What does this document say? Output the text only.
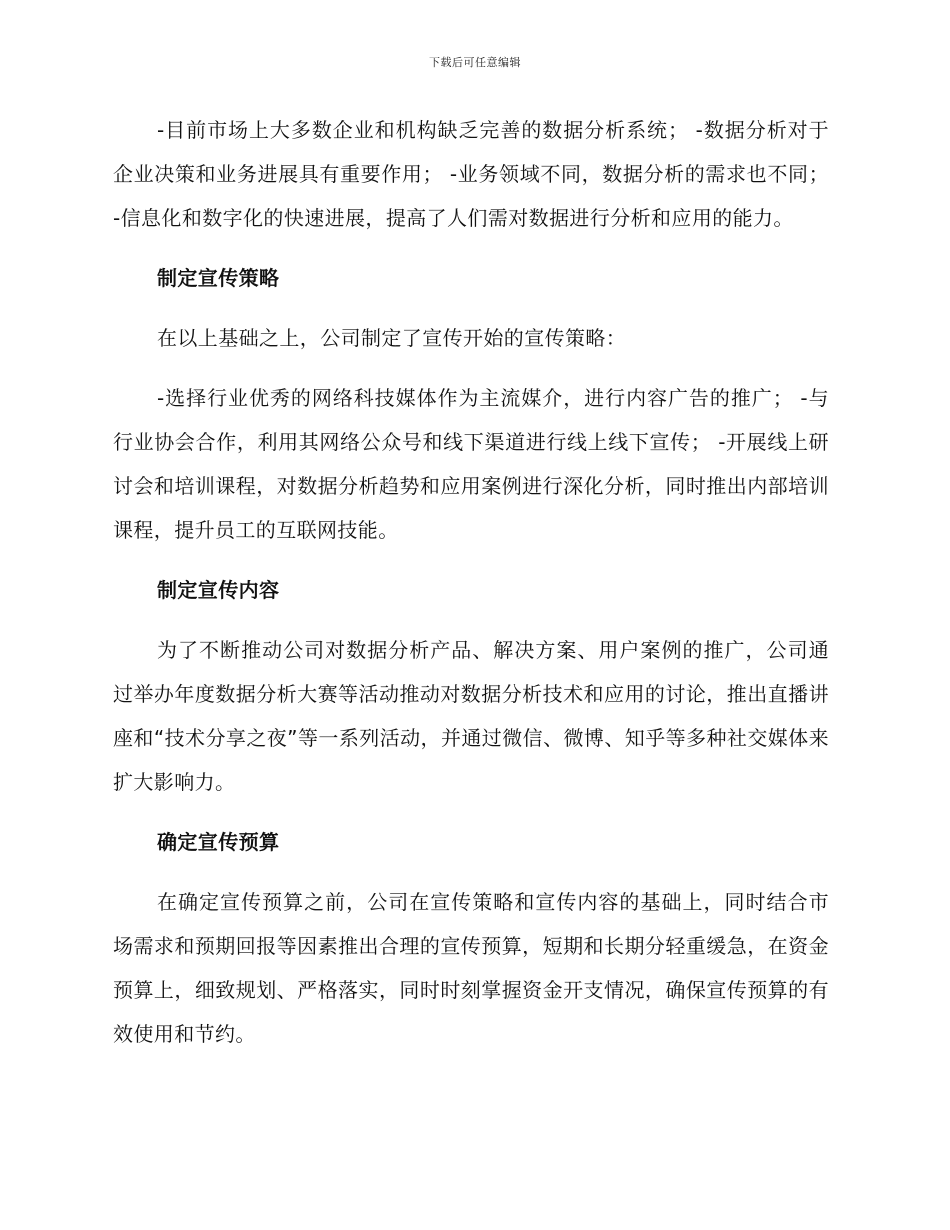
下载后可任意编辑

-目前市场上大多数企业和机构缺乏完善的数据分析系统； -数据分析对于企业决策和业务进展具有重要作用； -业务领域不同，数据分析的需求也不同； -信息化和数字化的快速进展，提高了人们需对数据进行分析和应用的能力。

制定宣传策略

在以上基础之上，公司制定了宣传开始的宣传策略：

-选择行业优秀的网络科技媒体作为主流媒介，进行内容广告的推广； -与行业协会合作，利用其网络公众号和线下渠道进行线上线下宣传； -开展线上研讨会和培训课程，对数据分析趋势和应用案例进行深化分析，同时推出内部培训课程，提升员工的互联网技能。

制定宣传内容

为了不断推动公司对数据分析产品、解决方案、用户案例的推广，公司通过举办年度数据分析大赛等活动推动对数据分析技术和应用的讨论，推出直播讲座和“技术分享之夜”等一系列活动，并通过微信、微博、知乎等多种社交媒体来扩大影响力。

确定宣传预算

在确定宣传预算之前，公司在宣传策略和宣传内容的基础上，同时结合市场需求和预期回报等因素推出合理的宣传预算，短期和长期分轻重缓急，在资金预算上，细致规划、严格落实，同时时刻掌握资金开支情况，确保宣传预算的有效使用和节约。
